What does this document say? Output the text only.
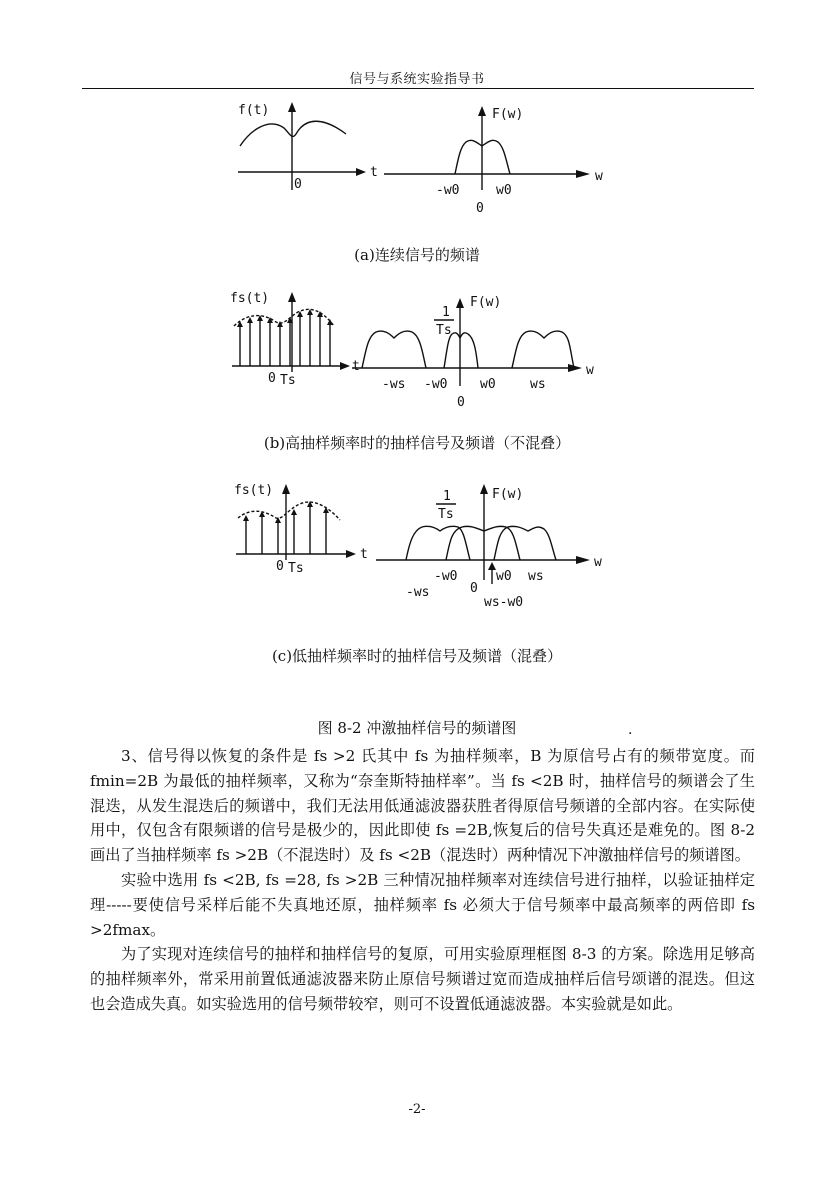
信号与系统实验指导书
f(t)
t
0
F(w)
w
-w0	w0
0
fs(t)
t
0 Ts
1
Ts
F(w)
w
-ws -w0	w0	ws
0
fs(t)
t
0 Ts
1
Ts
F(w)
w
-w0	w0 ws
-ws	0
ws-w0
(a)连续信号的频谱
(b)高抽样频率时的抽样信号及频谱（不混叠）
(c)低抽样频率时的抽样信号及频谱（混叠）
图 8-2 冲激抽样信号的频谱图	.

3、信号得以恢复的条件是 fs >2 氏其中 fs 为抽样频率，B 为原信号占有的频带宽度。而 fmin=2B 为最低的抽样频率，又称为“奈奎斯特抽样率”。当 fs <2B 时，抽样信号的频谱会了生混迭，从发生混迭后的频谱中，我们无法用低通滤波器获胜者得原信号频谱的全部内容。在实际使用中，仅包含有限频谱的信号是极少的，因此即使 fs =2B,恢复后的信号失真还是难免的。图 8-2 画出了当抽样频率 fs >2B（不混迭时）及 fs <2B（混迭时）两种情况下冲激抽样信号的频谱图。

实验中选用 fs <2B, fs =28, fs >2B 三种情况抽样频率对连续信号进行抽样，以验证抽样定理-----要使信号采样后能不失真地还原，抽样频率 fs 必须大于信号频率中最高频率的两倍即 fs >2fmax。

为了实现对连续信号的抽样和抽样信号的复原，可用实验原理框图 8-3 的方案。除选用足够高的抽样频率外，常采用前置低通滤波器来防止原信号频谱过宽而造成抽样后信号颂谱的混迭。但这也会造成失真。如实验选用的信号频带较窄，则可不设置低通滤波器。本实验就是如此。

-2-
